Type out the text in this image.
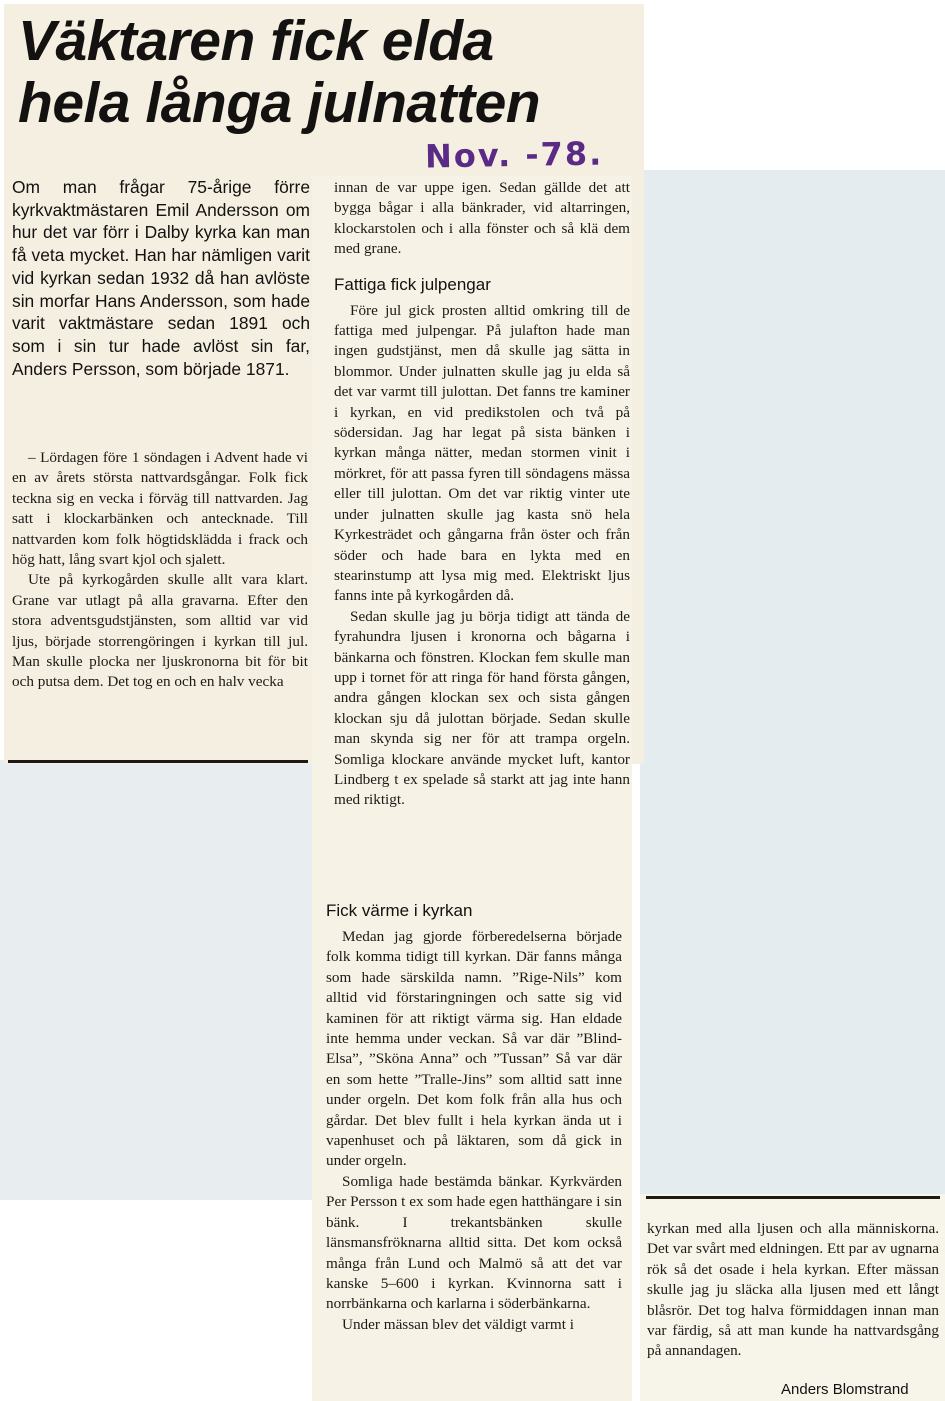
Väktaren fick elda
hela långa julnatten
Nov. -78.

Om man frågar 75-årige förre kyrkvaktmästaren Emil Andersson om hur det var förr i Dalby kyrka kan man få veta mycket. Han har nämligen varit vid kyrkan sedan 1932 då han avlöste sin morfar Hans Andersson, som hade varit vaktmästare sedan 1891 och som i sin tur hade avlöst sin far, Anders Persson, som började 1871.

– Lördagen före 1 söndagen i Advent hade vi en av årets största nattvardsgångar. Folk fick teckna sig en vecka i förväg till nattvarden. Jag satt i klockarbänken och antecknade. Till nattvarden kom folk högtidsklädda i frack och hög hatt, lång svart kjol och sjalett.

Ute på kyrkogården skulle allt vara klart. Grane var utlagt på alla gravarna. Efter den stora adventsgudstjänsten, som alltid var vid ljus, började storrengöringen i kyrkan till jul. Man skulle plocka ner ljuskronorna bit för bit och putsa dem. Det tog en och en halv vecka

innan de var uppe igen. Sedan gällde det att bygga bågar i alla bänkrader, vid altarringen, klockarstolen och i alla fönster och så klä dem med grane.

Fattiga fick julpengar

Före jul gick prosten alltid omkring till de fattiga med julpengar. På julafton hade man ingen gudstjänst, men då skulle jag sätta in blommor. Under julnatten skulle jag ju elda så det var varmt till julottan. Det fanns tre kaminer i kyrkan, en vid predikstolen och två på södersidan. Jag har legat på sista bänken i kyrkan många nätter, medan stormen vinit i mörkret, för att passa fyren till söndagens mässa eller till julottan. Om det var riktig vinter ute under julnatten skulle jag kasta snö hela Kyrkesträdet och gångarna från öster och från söder och hade bara en lykta med en stearinstump att lysa mig med. Elektriskt ljus fanns inte på kyrkogården då.

Sedan skulle jag ju börja tidigt att tända de fyrahundra ljusen i kronorna och bågarna i bänkarna och fönstren. Klockan fem skulle man upp i tornet för att ringa för hand första gången, andra gången klockan sex och sista gången klockan sju då julottan började. Sedan skulle man skynda sig ner för att trampa orgeln. Somliga klockare använde mycket luft, kantor Lindberg t ex spelade så starkt att jag inte hann med riktigt.

Fick värme i kyrkan

Medan jag gjorde förberedelserna började folk komma tidigt till kyrkan. Där fanns många som hade särskilda namn. ”Rige-Nils” kom alltid vid förstaringningen och satte sig vid kaminen för att riktigt värma sig. Han eldade inte hemma under veckan. Så var där ”Blind-Elsa”, ”Sköna Anna” och ”Tussan” Så var där en som hette ”Tralle-Jins” som alltid satt inne under orgeln. Det kom folk från alla hus och gårdar. Det blev fullt i hela kyrkan ända ut i vapenhuset och på läktaren, som då gick in under orgeln.

Somliga hade bestämda bänkar. Kyrkvärden Per Persson t ex som hade egen hatthängare i sin bänk. I trekantsbänken skulle länsmansfröknarna alltid sitta. Det kom också många från Lund och Malmö så att det var kanske 5–600 i kyrkan. Kvinnorna satt i norrbänkarna och karlarna i söderbänkarna.

Under mässan blev det väldigt varmt i

kyrkan med alla ljusen och alla människorna. Det var svårt med eldningen. Ett par av ugnarna rök så det osade i hela kyrkan. Efter mässan skulle jag ju släcka alla ljusen med ett långt blåsrör. Det tog halva förmiddagen innan man var färdig, så att man kunde ha nattvardsgång på annandagen.

Anders Blomstrand
